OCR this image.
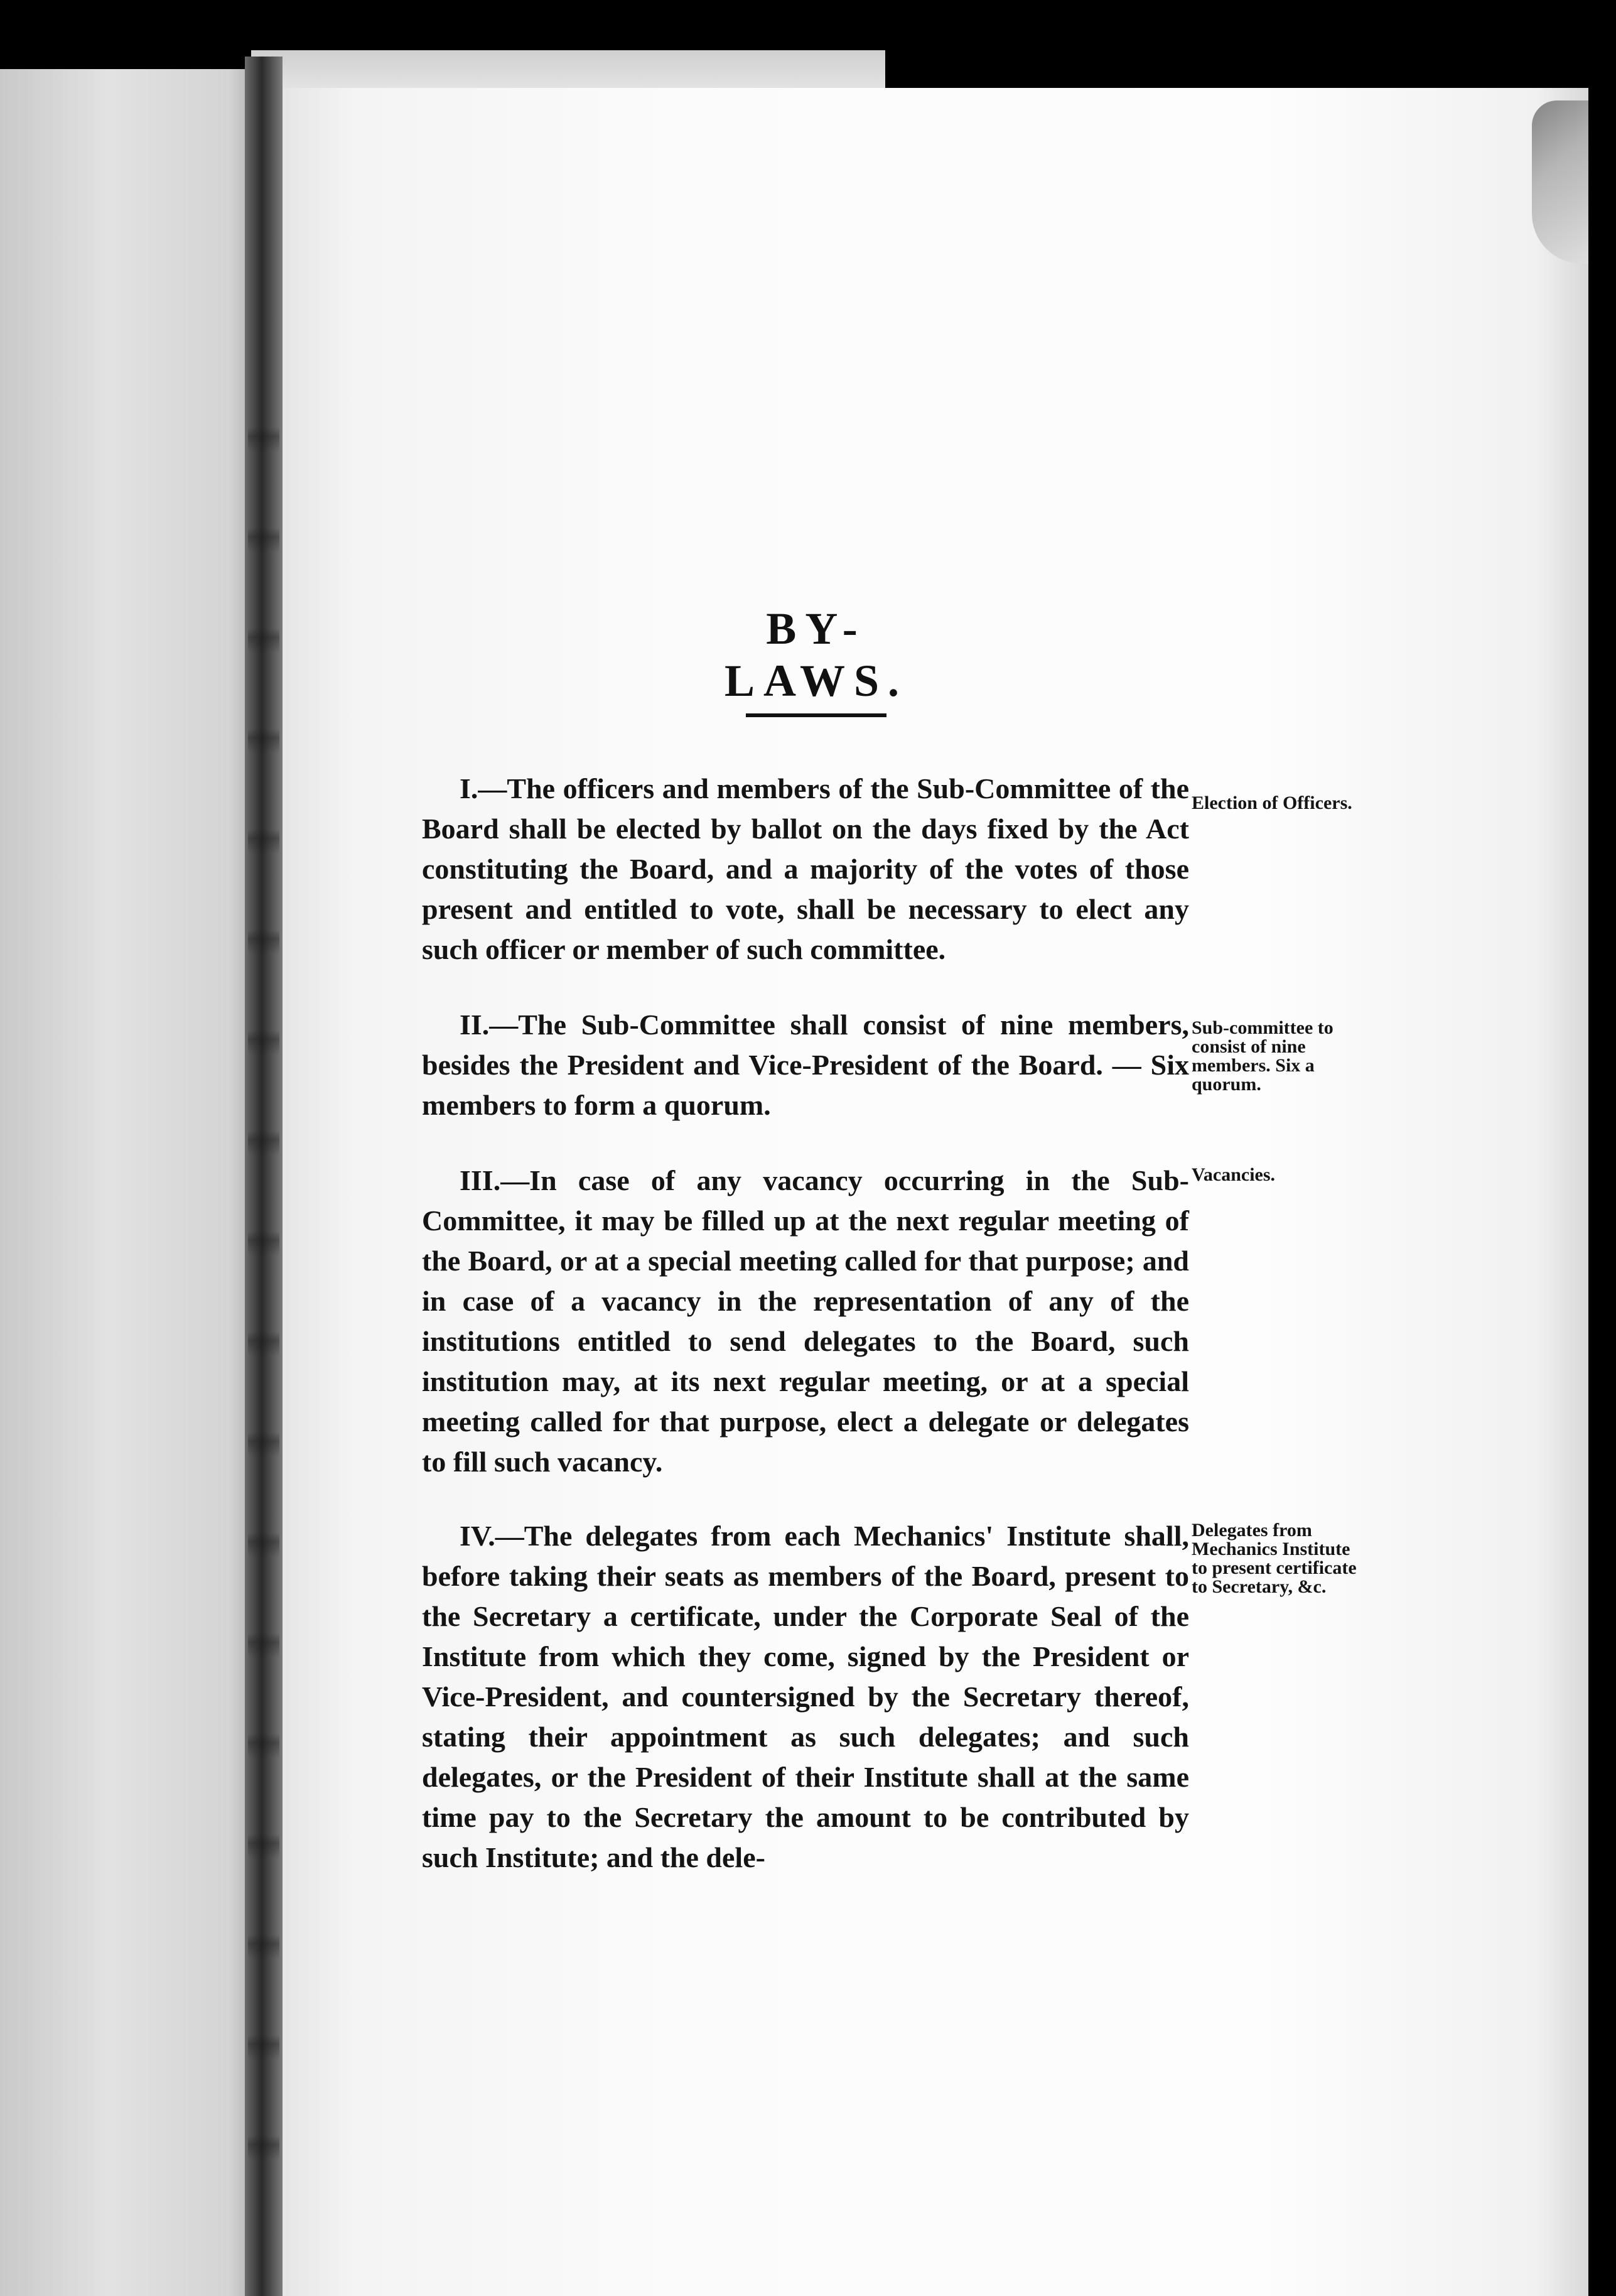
BY-LAWS.

I.—The officers and members of the Sub-Committee of the Board shall be elected by ballot on the days fixed by the Act constituting the Board, and a majority of the votes of those present and entitled to vote, shall be necessary to elect any such officer or member of such committee.

Election of Officers.

II.—The Sub-Committee shall consist of nine members, besides the President and Vice-President of the Board. — Six members to form a quorum.

Sub-committee to consist of nine members. Six a quorum.

III.—In case of any vacancy occurring in the Sub-Committee, it may be filled up at the next regular meeting of the Board, or at a special meeting called for that purpose; and in case of a vacancy in the representation of any of the institutions entitled to send delegates to the Board, such institution may, at its next regular meeting, or at a special meeting called for that purpose, elect a delegate or delegates to fill such vacancy.

Vacancies.

IV.—The delegates from each Mechanics' Institute shall, before taking their seats as members of the Board, present to the Secretary a certificate, under the Corporate Seal of the Institute from which they come, signed by the President or Vice-President, and countersigned by the Secretary thereof, stating their appointment as such delegates; and such delegates, or the President of their Institute shall at the same time pay to the Secretary the amount to be contributed by such Institute; and the dele-

Delegates from Mechanics Institute to present certificate to Secretary, &c.
